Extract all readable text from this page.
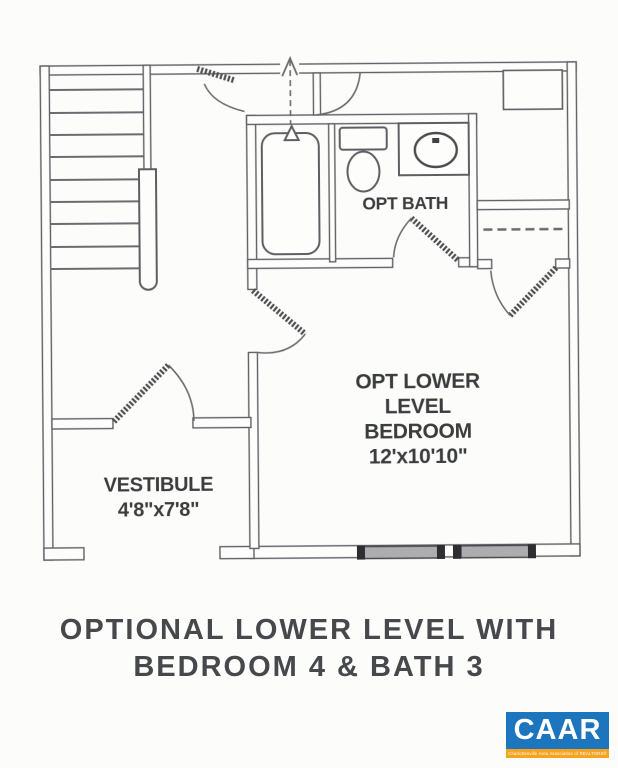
OPT BATH
OPT LOWER
LEVEL
BEDROOM
12'x10'10"
VESTIBULE
4'8"x7'8"
OPTIONAL LOWER LEVEL WITH
BEDROOM 4 & BATH 3
CAAR
Charlottesville Area Association of REALTORS®
